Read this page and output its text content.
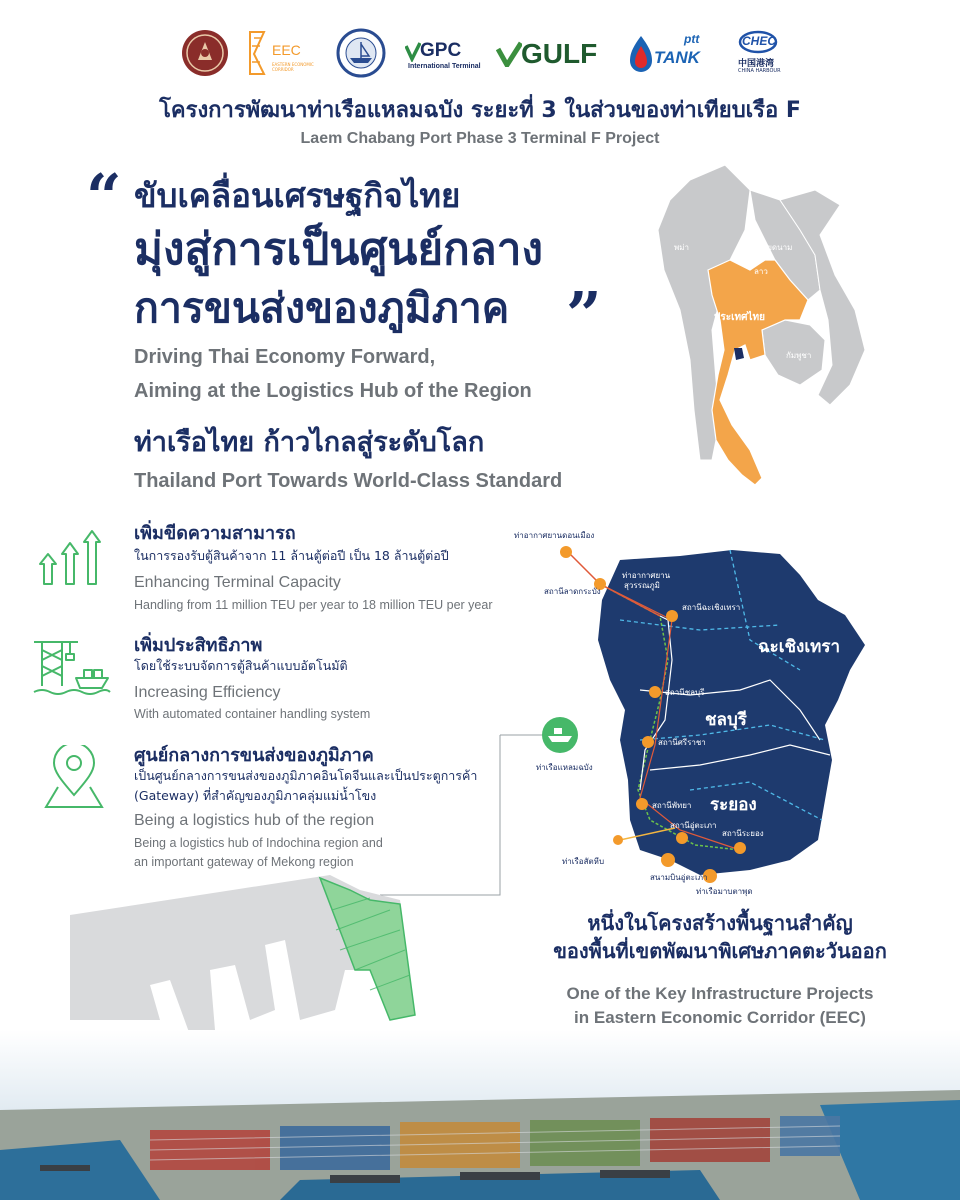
EEC
EASTERN ECONOMIC CORRIDOR
GPC
International Terminal GULF	ptt
TANK
CHEC
中国港湾
CHINA HARBOUR
โครงการพัฒนาท่าเรือแหลมฉบัง ระยะที่ 3 ในส่วนของท่าเทียบเรือ F
Laem Chabang Port Phase 3 Terminal F Project
“ ขับเคลื่อนเศรษฐกิจไทย
มุ่งสู่การเป็นศูนย์กลาง
การขนส่งของภูมิภาค ”
Driving Thai Economy Forward,
Aiming at the Logistics Hub of the Region
ท่าเรือไทย ก้าวไกลสู่ระดับโลก
Thailand Port Towards World-Class Standard
พม่า	เวียดนาม
ลาว
ประเทศไทย
กัมพูชา
เพิ่มขีดความสามารถ
ในการรองรับตู้สินค้าจาก 11 ล้านตู้ต่อปี เป็น 18 ล้านตู้ต่อปี
Enhancing Terminal Capacity
Handling from 11 million TEU per year to 18 million TEU per year
เพิ่มประสิทธิภาพ
โดยใช้ระบบจัดการตู้สินค้าแบบอัตโนมัติ
Increasing Efficiency
With automated container handling system
ศูนย์กลางการขนส่งของภูมิภาค
เป็นศูนย์กลางการขนส่งของภูมิภาคอินโดจีนและเป็นประตูการค้า
(Gateway) ที่สำคัญของภูมิภาคลุ่มแม่น้ำโขง
Being a logistics hub of the region
Being a logistics hub of Indochina region and
an important gateway of Mekong region
ฉะเชิงเทรา
ชลบุรี
ระยอง
ท่าอากาศยานดอนเมือง
ท่าอากาศยาน
สุวรรณภูมิ
สถานีลาดกระบัง
สถานีฉะเชิงเทรา
สถานีชลบุรี
สถานีศรีราชา
ท่าเรือแหลมฉบัง
สถานีพัทยา
สถานีอู่ตะเภา
สถานีระยอง
ท่าเรือสัตหีบ
สนามบินอู่ตะเภา
ท่าเรือมาบตาพุด
หนึ่งในโครงสร้างพื้นฐานสำคัญ
ของพื้นที่เขตพัฒนาพิเศษภาคตะวันออก
One of the Key Infrastructure Projects
in Eastern Economic Corridor (EEC)
